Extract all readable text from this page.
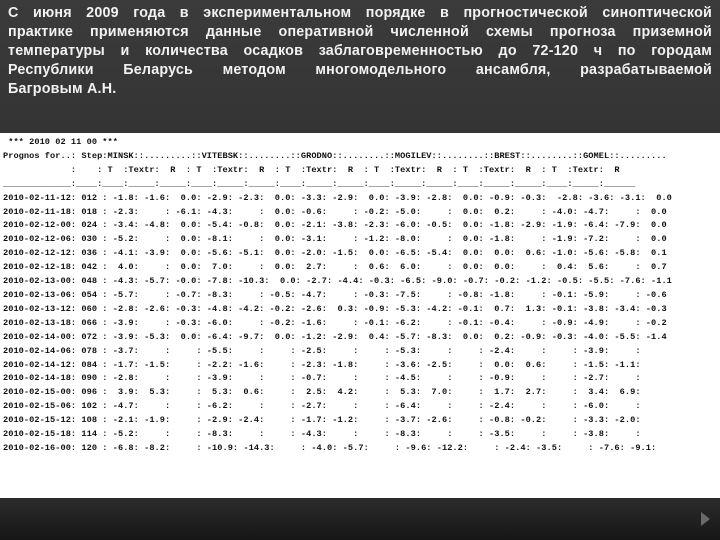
С июня 2009 года в экспериментальном порядке в прогностической синоптической
практике применяются данные оперативной численной схемы прогноза приземной
температуры и количества осадков заблаговременностью до 72-120 ч по городам
Республики Беларусь методом многомодельного ансамбля, разрабатываемой
Багровым А.Н.
*** 2010 02 11 00 ***
Prognos for..: Step:MINSK::.........::VITEBSK::........::GRODNO::........::MOGILEV::........::BREST::........::GOMEL::.........
:    : T  :Textr:  R  : T  :Textr:  R  : T  :Textr:  R  : T  :Textr:  R  : T  :Textr:  R  : T  :Textr:  R
_____________:____:____:_____:_____:____:_____:_____:____:_____:_____:____:_____:_____:____:_____:_____:____:_____:______
2010-02-11-12: 012 : -1.8: -1.6:  0.0: -2.9: -2.3:  0.0: -3.3: -2.9:  0.0: -3.9: -2.8:  0.0: -0.9: -0.3:  -2.8: -3.6: -3.1:  0.0
2010-02-11-18: 018 : -2.3:     : -6.1: -4.3:     :  0.0: -0.6:     : -0.2: -5.0:     :  0.0:  0.2:     : -4.0: -4.7:     :  0.0
2010-02-12-00: 024 : -3.4: -4.8:  0.0: -5.4: -0.8:  0.0: -2.1: -3.8: -2.3: -6.0: -0.5:  0.0: -1.8: -2.9: -1.9: -6.4: -7.9:  0.0
2010-02-12-06: 030 : -5.2:     :  0.0: -8.1:     :  0.0: -3.1:     : -1.2: -8.0:     :  0.0: -1.8:     : -1.9: -7.2:     :  0.0
2010-02-12-12: 036 : -4.1: -3.9:  0.0: -5.6: -5.1:  0.0: -2.0: -1.5:  0.0: -6.5: -5.4:  0.0:  0.0:  0.6: -1.0: -5.6: -5.8:  0.1
2010-02-12-18: 042 :  4.0:     :  0.0:  7.0:     :  0.0:  2.7:     :  0.6:  6.0:     :  0.0:  0.0:     :  0.4:  5.6:     :  0.7
2010-02-13-00: 048 : -4.3: -5.7: -0.0: -7.8: -10.3:  0.0: -2.7: -4.4: -0.3: -6.5: -9.0: -0.7: -0.2: -1.2: -0.5: -5.5: -7.6: -1.1
2010-02-13-06: 054 : -5.7:     : -0.7: -8.3:     : -0.5: -4.7:     : -0.3: -7.5:     : -0.8: -1.8:     : -0.1: -5.9:     : -0.6
2010-02-13-12: 060 : -2.8: -2.6: -0.3: -4.8: -4.2: -0.2: -2.6:  0.3: -0.9: -5.3: -4.2: -0.1:  0.7:  1.3: -0.1: -3.8: -3.4: -0.3
2010-02-13-18: 066 : -3.9:     : -0.3: -6.0:     : -0.2: -1.6:     : -0.1: -6.2:     : -0.1: -0.4:     : -0.9: -4.9:     : -0.2
2010-02-14-00: 072 : -3.9: -5.3:  0.0: -6.4: -9.7:  0.0: -1.2: -2.9:  0.4: -5.7: -8.3:  0.0:  0.2: -0.9: -0.3: -4.0: -5.5: -1.4
2010-02-14-06: 078 : -3.7:     :     : -5.5:     :     : -2.5:     :     : -5.3:     :     : -2.4:     :     : -3.9:     :
2010-02-14-12: 084 : -1.7: -1.5:     : -2.2: -1.6:     : -2.3: -1.8:     : -3.6: -2.5:     :  0.0:  0.6:     : -1.5: -1.1:
2010-02-14-18: 090 : -2.8:     :     : -3.9:     :     : -0.7:     :     : -4.5:     :     : -0.9:     :     : -2.7:     :
2010-02-15-00: 096 :  3.9:  5.3:     :  5.3:  0.6:     :  2.5:  4.2:     :  5.3:  7.0:     :  1.7:  2.7:     :  3.4:  6.9:
2010-02-15-06: 102 : -4.7:     :     : -6.2:     :     : -2.7:     :     : -6.4:     :     : -2.4:     :     : -6.0:     :
2010-02-15-12: 108 : -2.1: -1.9:     : -2.9: -2.4:     : -1.7: -1.2:     : -3.7: -2.6:     : -0.8: -0.2:     : -3.3: -2.0:
2010-02-15-18: 114 : -5.2:     :     : -8.3:     :     : -4.3:     :     : -8.3:     :     : -3.5:     :     : -3.8:     :
2010-02-16-00: 120 : -6.8: -8.2:     : -10.9: -14.3:     : -4.0: -5.7:     : -9.6: -12.2:     : -2.4: -3.5:     : -7.6: -9.1:
